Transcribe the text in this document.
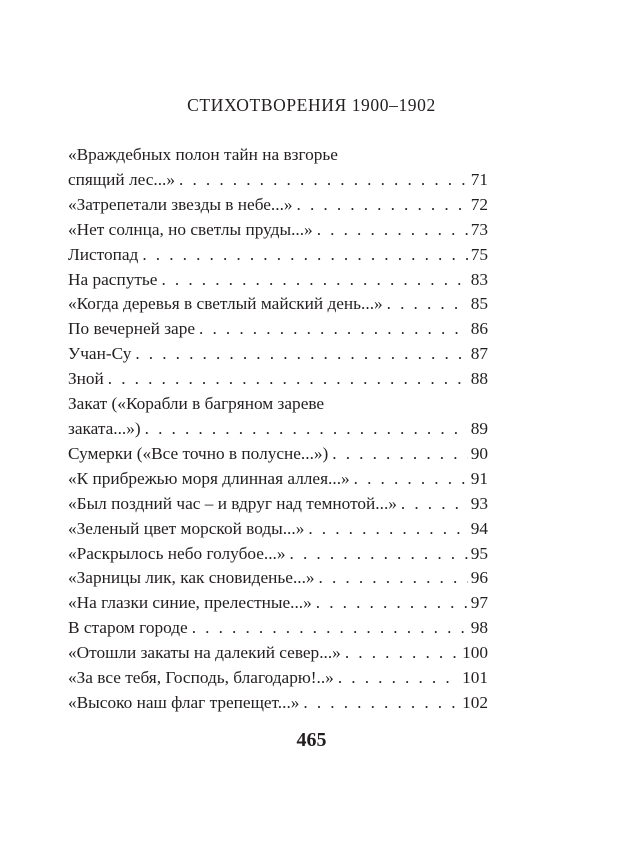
СТИХОТВОРЕНИЯ 1900–1902
«Враждебных полон тайн на взгорье
спящий лес...» . . .	71
«Затрепетали звезды в небе...» . . .	72
«Нет солнца, но светлы пруды...» . . .	73
Листопад . . .	75
На распутье . . .	83
«Когда деревья в светлый майский день...» . . .	85
По вечерней заре . . .	86
Учан-Су . . .	87
Зной . . .	88
Закат («Корабли в багряном зареве
заката...») . . .	89
Сумерки («Все точно в полусне...») . . .	90
«К прибрежью моря длинная аллея...» . . .	91
«Был поздний час – и вдруг над темнотой...» . . .	93
«Зеленый цвет морской воды...» . . .	94
«Раскрылось небо голубое...» . . .	95
«Зарницы лик, как сновиденье...» . . .	96
«На глазки синие, прелестные...» . . .	97
В старом городе . . .	98
«Отошли закаты на далекий север...» . . .	100
«За все тебя, Господь, благодарю!..» . . .	101
«Высоко наш флаг трепещет...» . . .	102
465
